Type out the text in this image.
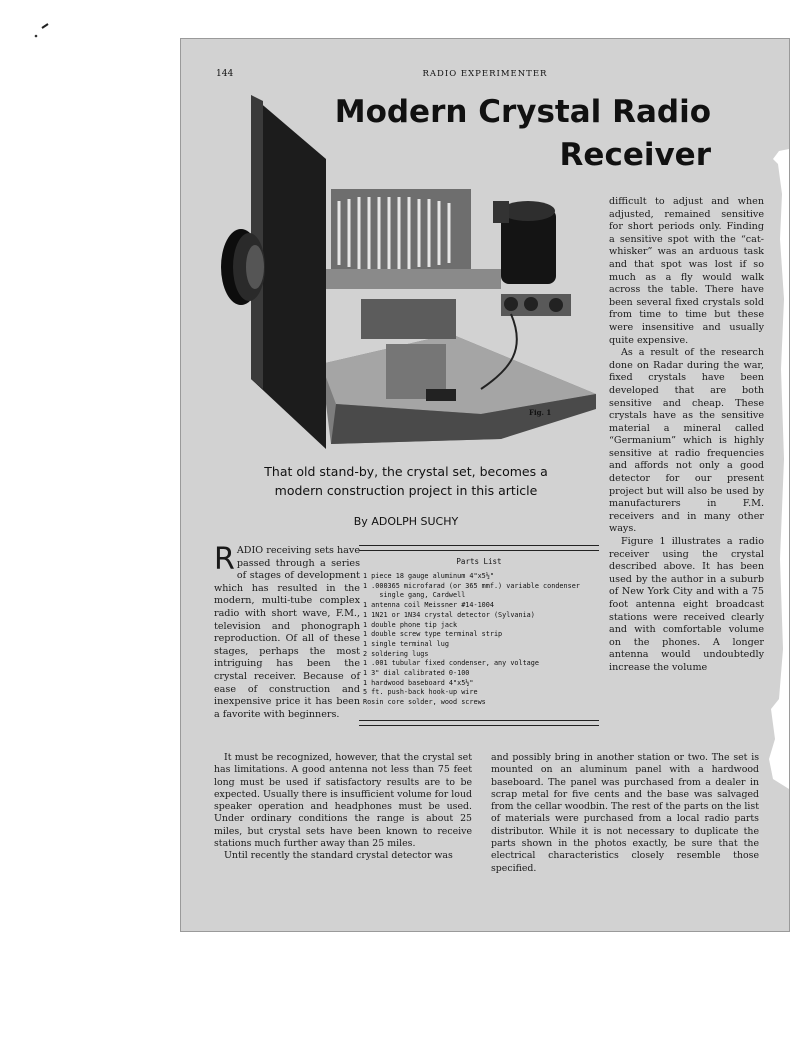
144	RADIO EXPERIMENTER
Modern Crystal Radio
Receiver
Fig. 1
That old stand-by, the crystal set, becomes a
modern construction project in this article
By ADOLPH SUCHY

difficult to adjust and when adjusted, remained sensitive for short periods only. Finding a sensitive spot with the “cat-whisker” was an arduous task and that spot was lost if so much as a fly would walk across the table. There have been several fixed crystals sold from time to time but these were insensitive and usually quite expensive.

As a result of the research done on Radar during the war, fixed crystals have been developed that are both sensitive and cheap. These crystals have as the sensitive material a mineral called “Germanium” which is highly sensitive at radio frequencies and affords not only a good detector for our present project but will also be used by manufacturers in F.M. receivers and in many other ways.

Figure 1 illustrates a radio receiver using the crystal described above. It has been used by the author in a suburb of New York City and with a 75 foot antenna eight broadcast stations were received clearly and with comfortable volume on the phones. A longer antenna would undoubtedly increase the volume

R ADIO receiving sets have passed through a series of stages of development which has resulted in the modern, multi-tube complex radio with short wave, F.M., television and phonograph reproduction. Of all of these stages, perhaps the most intriguing has been the crystal receiver. Because of ease of construction and inexpensive price it has been a favorite with beginners.
Parts List
1 piece 18 gauge aluminum 4"x5½"
1 .000365 microfarad (or 365 mmf.) variable condenser
single gang, Cardwell
1 antenna coil Meissner #14-1004
1 1N21 or 1N34 crystal detector (Sylvania)
1 double phone tip jack
1 double screw type terminal strip
1 single terminal lug
2 soldering lugs
1 .001 tubular fixed condenser, any voltage
1 3" dial calibrated 0-100
1 hardwood baseboard 4"x5½"
5 ft. push-back hook-up wire
Rosin core solder, wood screws

It must be recognized, however, that the crystal set has limitations. A good antenna not less than 75 feet long must be used if satisfactory results are to be expected. Usually there is insufficient volume for loud speaker operation and headphones must be used. Under ordinary conditions the range is about 25 miles, but crystal sets have been known to receive stations much further away than 25 miles.

Until recently the standard crystal detector was

and possibly bring in another station or two. The set is mounted on an aluminum panel with a hardwood baseboard. The panel was purchased from a dealer in scrap metal for five cents and the base was salvaged from the cellar woodbin. The rest of the parts on the list of materials were purchased from a local radio parts distributor. While it is not necessary to duplicate the parts shown in the photos exactly, be sure that the electrical characteristics closely resemble those specified.
